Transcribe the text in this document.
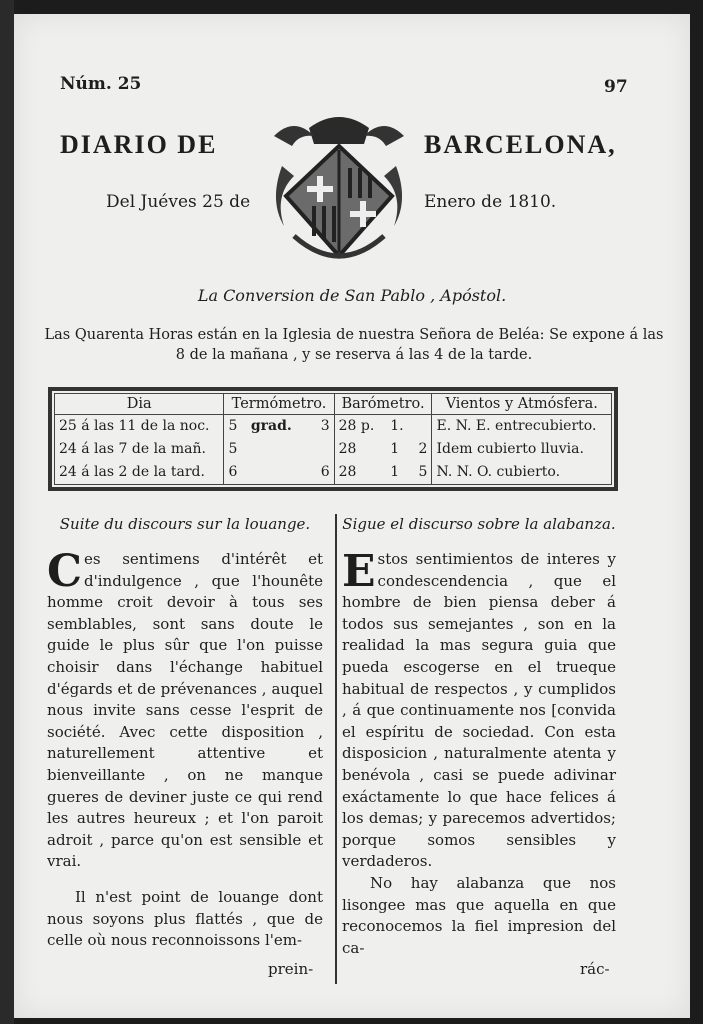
Núm. 25	97
DIARIO DE	BARCELONA,
Del Juéves 25 de	Enero de 1810.
La Conversion de San Pablo , Apóstol.
Las Quarenta Horas están en la Iglesia de nuestra Señora de Beléa: Se expone á las 8 de la mañana , y se reserva á las 4 de la tarde.
Dia	Termómetro.			Barómetro.			Vientos y Atmósfera.
25 á las 11 de la noc.	5	grad.	3	28 p.	1.		E. N. E. entrecubierto.
24 á las 7 de la mañ.	5			28	1	2	Idem cubierto lluvia.
24 á las 2 de la tard.	6		6	28	1	5	N. N. O. cubierto.
Suite du discours sur la louange.

Ces sentimens d'intérêt et d'indulgence , que l'hounête homme croit devoir à tous ses semblables, sont sans doute le guide le plus sûr que l'on puisse choisir dans l'échange habituel d'égards et de prévenances , auquel nous invite sans cesse l'esprit de société. Avec cette disposition , naturellement attentive et bienveillante , on ne manque gueres de deviner juste ce qui rend les autres heureux ; et l'on paroit adroit , parce qu'on est sensible et vrai.

Il n'est point de louange dont nous soyons plus flattés , que de celle où nous reconnoissons l'em-

Sigue el discurso sobre la alabanza.

Estos sentimientos de interes y condescendencia , que el hombre de bien piensa deber á todos sus semejantes , son en la realidad la mas segura guia que pueda escogerse en el trueque habitual de respectos , y cumplidos , á que continuamente nos [convida el espíritu de sociedad. Con esta disposicion , naturalmente atenta y benévola , casi se puede adivinar exáctamente lo que hace felices á los demas; y parecemos advertidos; porque somos sensibles y verdaderos.

No hay alabanza que nos lisongee mas que aquella en que reconocemos la fiel impresion del ca-

prein-	rác-
